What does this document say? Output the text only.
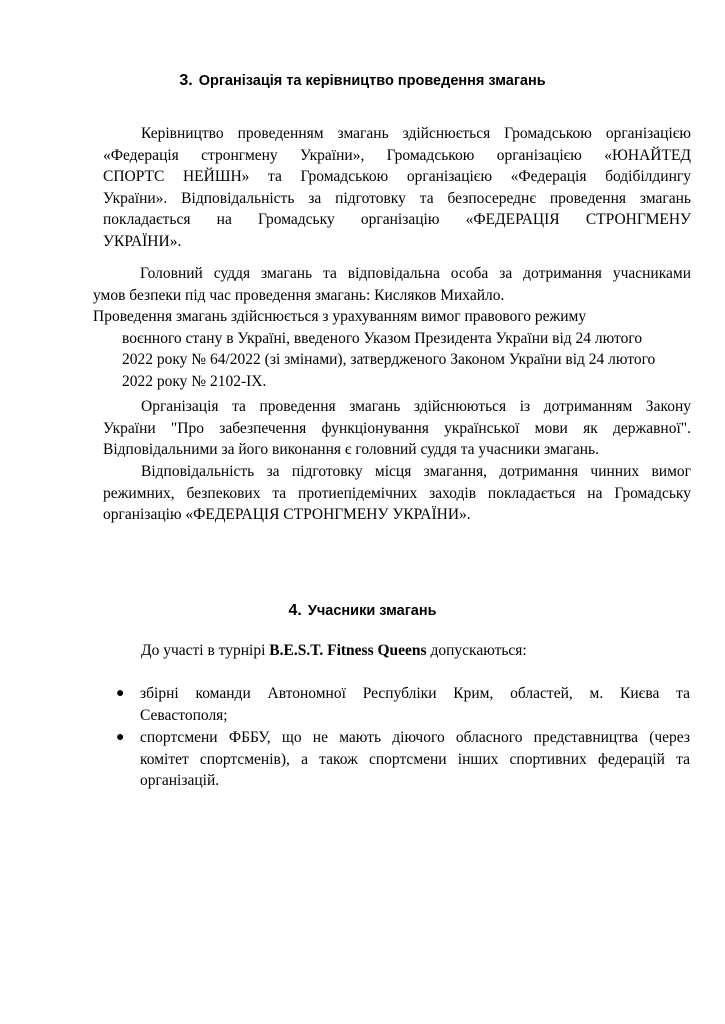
3. Організація та керівництво проведення змагань
Керівництво проведенням змагань здійснюється Громадською організацією
«Федерація стронгмену України», Громадською організацією «ЮНАЙТЕД
СПОРТС НЕЙШН» та Громадською організацією «Федерація бодібілдингу
України». Відповідальність за підготовку та безпосереднє проведення змагань
покладається на Громадську організацію «ФЕДЕРАЦІЯ СТРОНГМЕНУ
УКРАЇНИ».
Головний суддя змагань та відповідальна особа за дотримання учасниками
умов безпеки під час проведення змагань: Кисляков Михайло.
Проведення змагань здійснюється з урахуванням вимог правового режиму
воєнного стану в Україні, введеного Указом Президента України від 24 лютого
2022 року № 64/2022 (зі змінами), затвердженого Законом України від 24 лютого
2022 року № 2102-IX.
Організація та проведення змагань здійснюються із дотриманням Закону
України "Про забезпечення функціонування української мови як державної".
Відповідальними за його виконання є головний суддя та учасники змагань.
Відповідальність за підготовку місця змагання, дотримання чинних вимог
режимних, безпекових та протиепідемічних заходів покладається на Громадську
організацію «ФЕДЕРАЦІЯ СТРОНГМЕНУ УКРАЇНИ».
4. Учасники змагань
До участі в турнірі B.E.S.T. Fitness Queens допускаються:
● збірні команди Автономної Республіки Крим, областей, м. Києва та
Севастополя;
● спортсмени ФББУ, що не мають діючого обласного представництва (через
комітет спортсменів), а також спортсмени інших спортивних федерацій та
організацій.
